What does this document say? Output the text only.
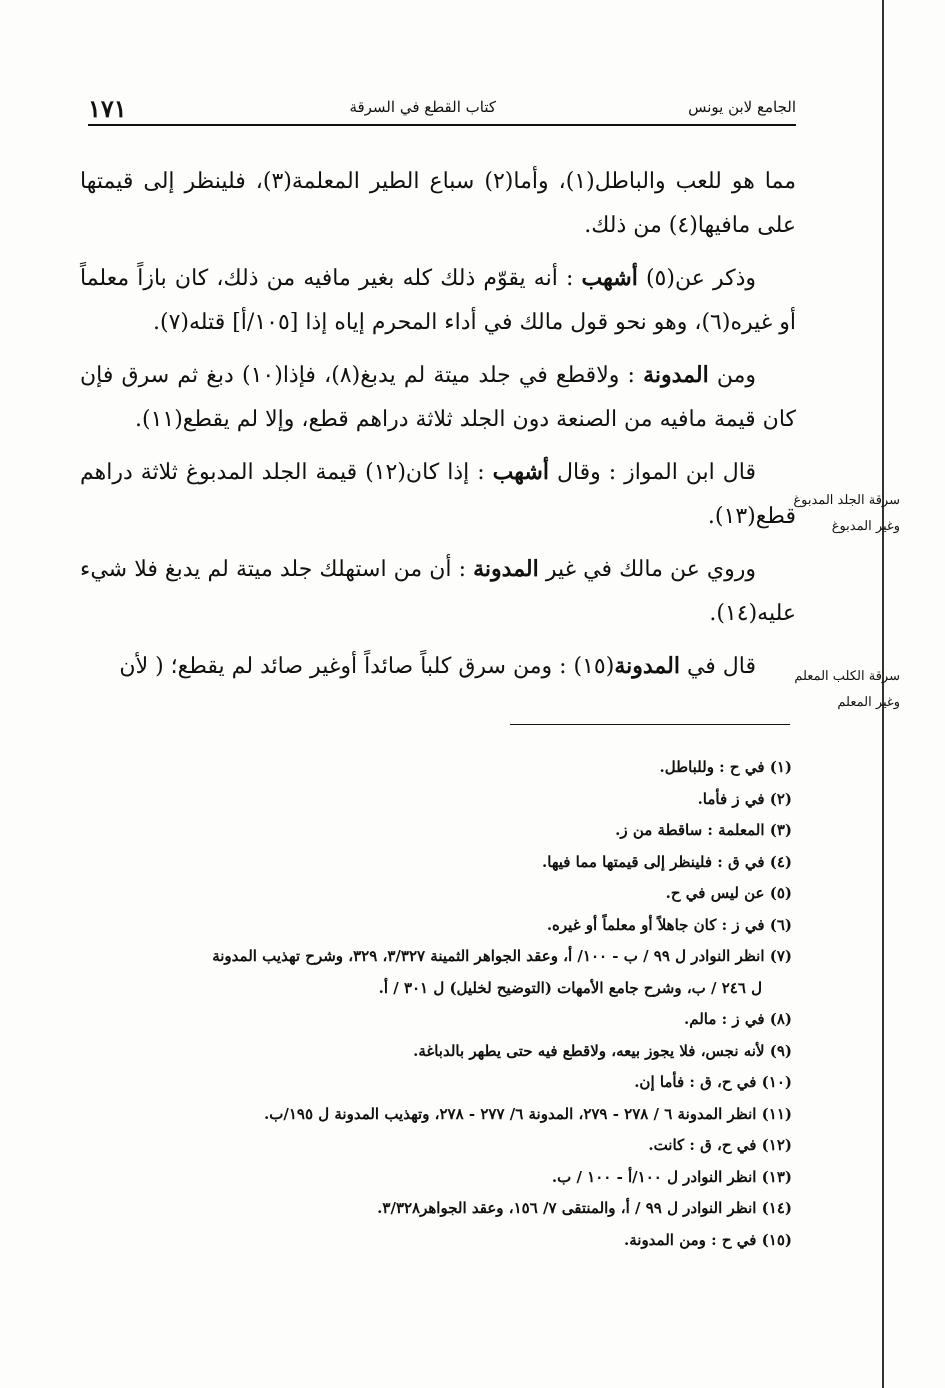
الجامع لابن يونس
كتاب القطع في السرقة
١٧١

مما هو للعب والباطل(١)، وأما(٢) سباع الطير المعلمة(٣)، فلينظر إلى قيمتها على مافيها(٤) من ذلك.

وذكر عن(٥) أشهب : أنه يقوّم ذلك كله بغير مافيه من ذلك، كان بازاً معلماً أو غيره(٦)، وهو نحو قول مالك في أداء المحرم إياه إذا [١٠٥/أ] قتله(٧).

ومن المدونة : ولاقطع في جلد ميتة لم يدبغ(٨)، فإذا(١٠) دبغ ثم سرق فإن كان قيمة مافيه من الصنعة دون الجلد ثلاثة دراهم قطع، وإلا لم يقطع(١١).

قال ابن المواز : وقال أشهب : إذا كان(١٢) قيمة الجلد المدبوغ ثلاثة دراهم قطع(١٣).

وروي عن مالك في غير المدونة : أن من استهلك جلد ميتة لم يدبغ فلا شيء عليه(١٤).

قال في المدونة(١٥) : ومن سرق كلباً صائداً أوغير صائد لم يقطع؛ ( لأن

سرقة الجلد المدبوغ وغير المدبوغ
سرقة الكلب المعلم وغير المعلم

(١) في ح : وللباطل.

(٢) في ز فأما.

(٣) المعلمة : ساقطة من ز.

(٤) في ق : فلينظر إلى قيمتها مما فيها.

(٥) عن ليس في ح.

(٦) في ز : كان جاهلاً أو معلماً أو غيره.

(٧) انظر النوادر ل ٩٩ / ب - ١٠٠/ أ، وعقد الجواهر الثمينة ٣/٣٢٧، ٣٢٩، وشرح تهذيب المدونة

ل ٢٤٦ / ب، وشرح جامع الأمهات (التوضيح لخليل) ل ٣٠١ / أ.

(٨) في ز : مالم.

(٩) لأنه نجس، فلا يجوز بيعه، ولاقطع فيه حتى يطهر بالدباغة.

(١٠) في ح، ق : فأما إن.

(١١) انظر المدونة ٦ / ٢٧٨ - ٢٧٩، المدونة ٦/ ٢٧٧ - ٢٧٨، وتهذيب المدونة ل ١٩٥/ب.

(١٢) في ح، ق : كانت.

(١٣) انظر النوادر ل ١٠٠/أ - ١٠٠ / ب.

(١٤) انظر النوادر ل ٩٩ / أ، والمنتقى ٧/ ١٥٦، وعقد الجواهر٣/٣٢٨.

(١٥) في ح : ومن المدونة.
